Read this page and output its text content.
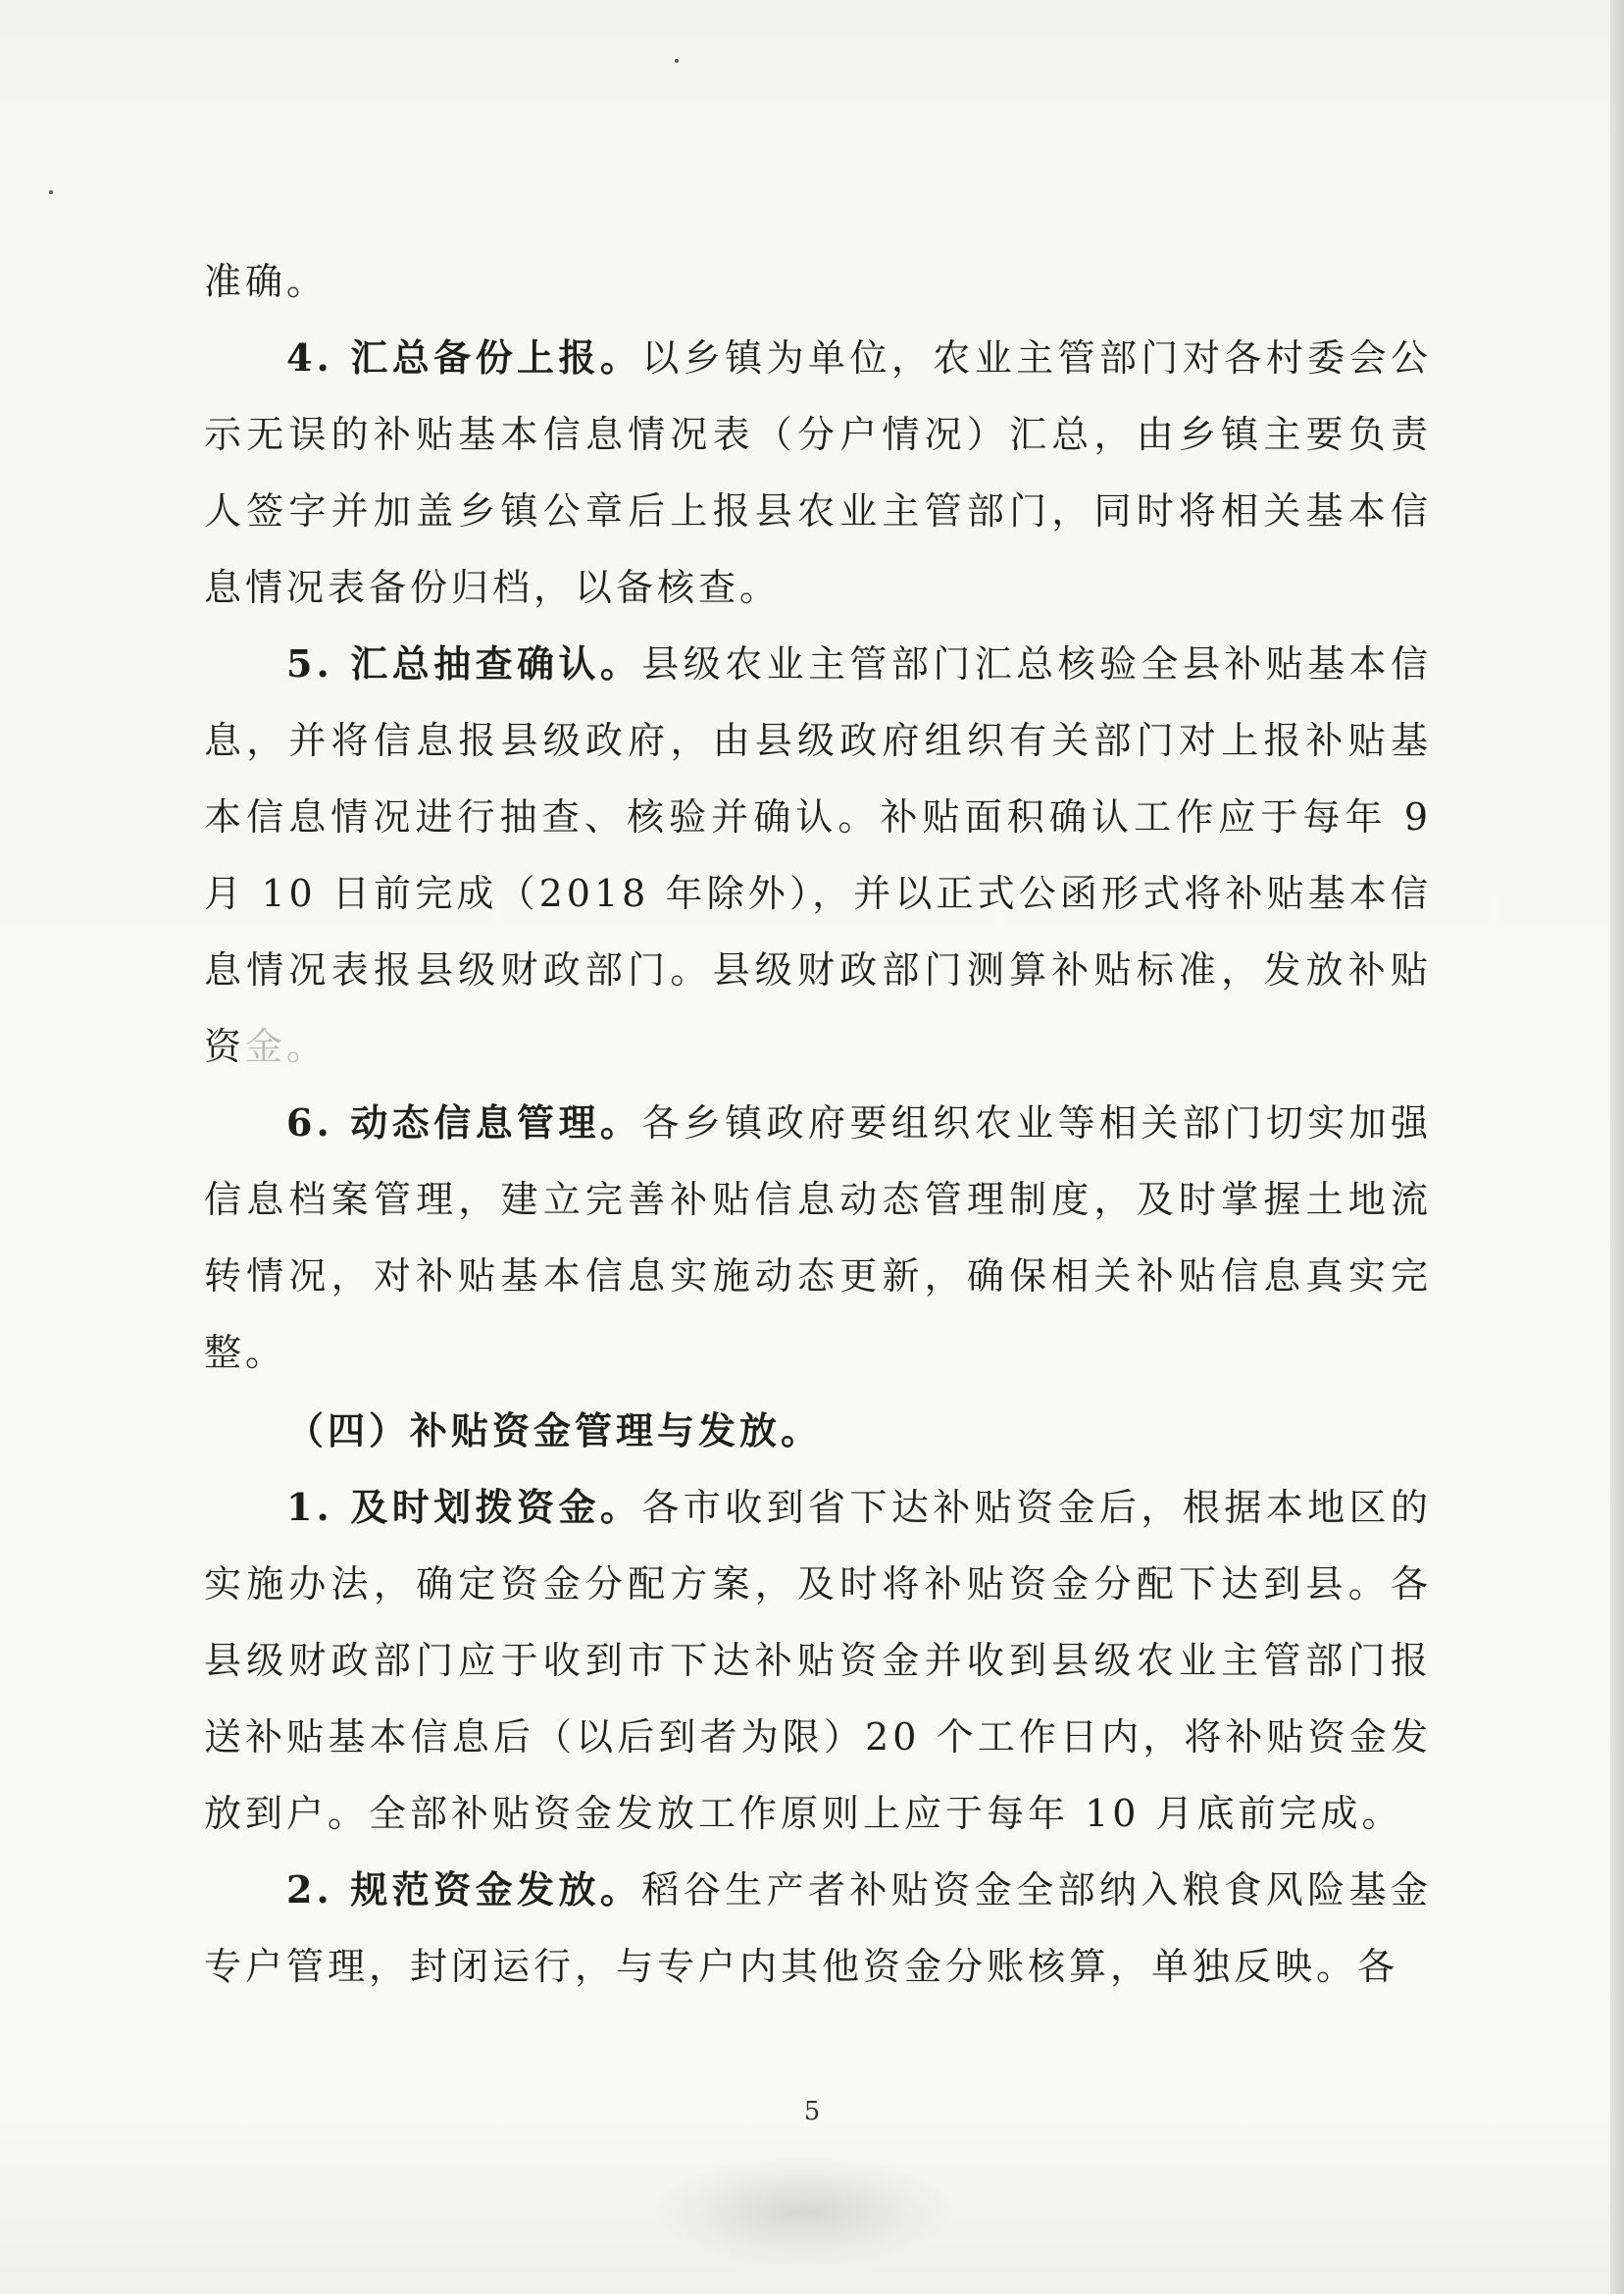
准确。

4. 汇总备份上报。以乡镇为单位，农业主管部门对各村委会公示无误的补贴基本信息情况表（分户情况）汇总，由乡镇主要负责人签字并加盖乡镇公章后上报县农业主管部门，同时将相关基本信息情况表备份归档，以备核查。

5. 汇总抽查确认。县级农业主管部门汇总核验全县补贴基本信息，并将信息报县级政府，由县级政府组织有关部门对上报补贴基本信息情况进行抽查、核验并确认。补贴面积确认工作应于每年 9 月 10 日前完成（2018 年除外），并以正式公函形式将补贴基本信息情况表报县级财政部门。县级财政部门测算补贴标准，发放补贴资金。

6. 动态信息管理。各乡镇政府要组织农业等相关部门切实加强信息档案管理，建立完善补贴信息动态管理制度，及时掌握土地流转情况，对补贴基本信息实施动态更新，确保相关补贴信息真实完整。

（四）补贴资金管理与发放。

1. 及时划拨资金。各市收到省下达补贴资金后，根据本地区的实施办法，确定资金分配方案，及时将补贴资金分配下达到县。各县级财政部门应于收到市下达补贴资金并收到县级农业主管部门报送补贴基本信息后（以后到者为限）20 个工作日内，将补贴资金发放到户。全部补贴资金发放工作原则上应于每年 10 月底前完成。

2. 规范资金发放。稻谷生产者补贴资金全部纳入粮食风险基金专户管理，封闭运行，与专户内其他资金分账核算，单独反映。各

5
